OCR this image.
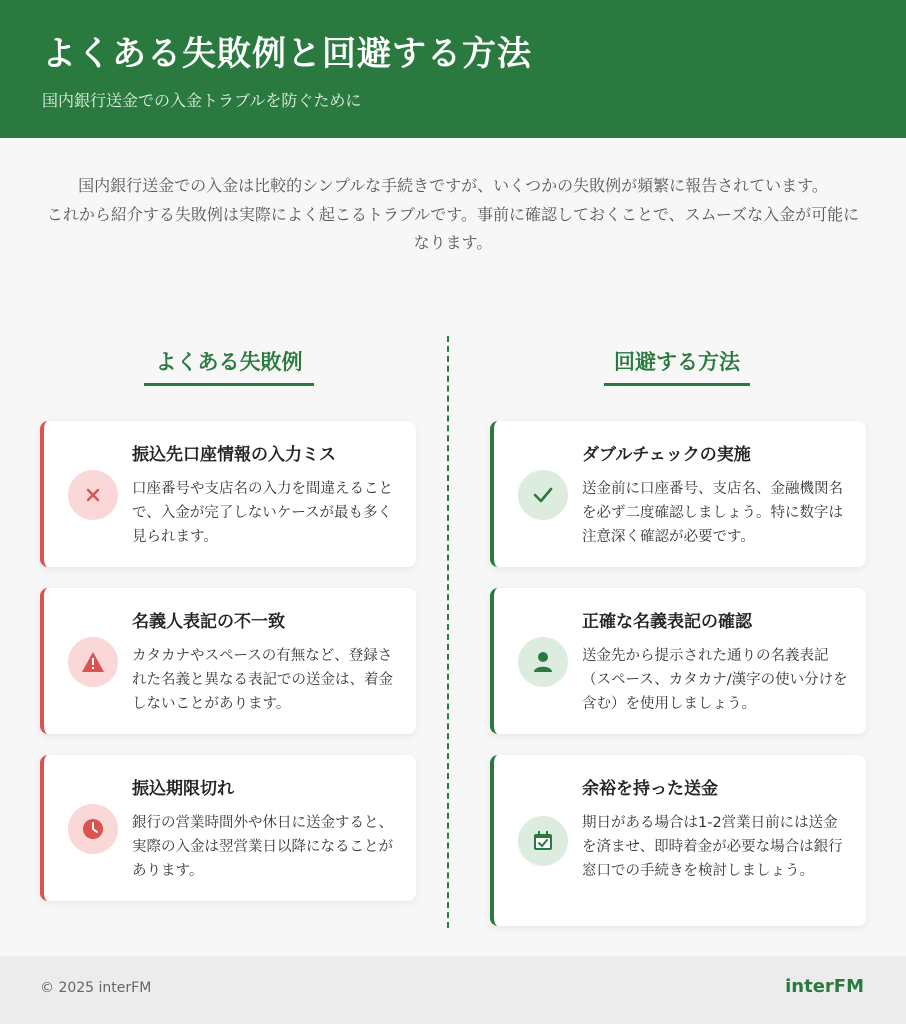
よくある失敗例と回避する方法

国内銀行送金での入金トラブルを防ぐために

国内銀行送金での入金は比較的シンプルな手続きですが、いくつかの失敗例が頻繁に報告されています。
これから紹介する失敗例は実際によく起こるトラブルです。事前に確認しておくことで、スムーズな入金が可能になります。
よくある失敗例	回避する方法
振込先口座情報の入力ミス
口座番号や支店名の入力を間違えることで、入金が完了しないケースが最も多く見られます。
名義人表記の不一致
カタカナやスペースの有無など、登録された名義と異なる表記での送金は、着金しないことがあります。
振込期限切れ
銀行の営業時間外や休日に送金すると、実際の入金は翌営業日以降になることがあります。
ダブルチェックの実施
送金前に口座番号、支店名、金融機関名を必ず二度確認しましょう。特に数字は注意深く確認が必要です。
正確な名義表記の確認
送金先から提示された通りの名義表記（スペース、カタカナ/漢字の使い分けを含む）を使用しましょう。
余裕を持った送金
期日がある場合は1-2営業日前には送金を済ませ、即時着金が必要な場合は銀行窓口での手続きを検討しましょう。
© 2025 interFM	interFM
